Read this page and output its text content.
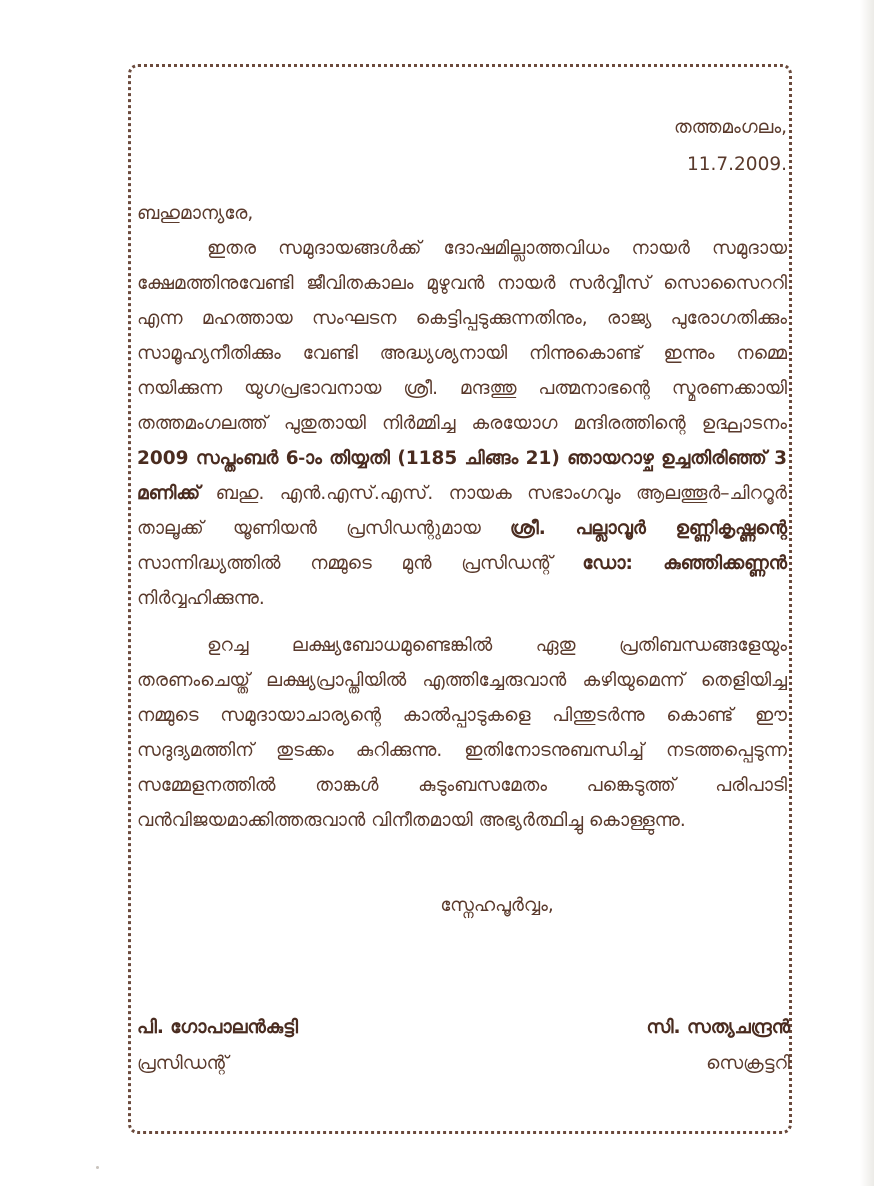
തത്തമംഗലം,
11.7.2009.
ബഹുമാന്യരേ,

ഇതര സമുദായങ്ങൾക്ക് ദോഷമില്ലാത്തവിധം നായർ സമുദായ ക്ഷേമത്തിനുവേണ്ടി ജീവിതകാലം മുഴുവൻ നായർ സർവ്വീസ് സൊസൈററി എന്ന മഹത്തായ സംഘടന കെട്ടിപ്പടുക്കുന്നതിനും, രാജ്യ പുരോഗതിക്കും സാമൂഹ്യനീതിക്കും വേണ്ടി അദ്ധ്യശ്യനായി നിന്നുകൊണ്ട് ഇന്നും നമ്മെ നയിക്കുന്ന യുഗപ്രഭാവനായ ശ്രീ. മന്ദത്തു പത്മനാഭന്റെ സ്മരണക്കായി തത്തമംഗലത്ത് പുതുതായി നിർമ്മിച്ച കരയോഗ മന്ദിരത്തിന്റെ ഉദ്ഘാടനം 2009 സപ്തംബർ 6-ാം തിയ്യതി (1185 ചിങ്ങം 21) ഞായറാഴ്ച ഉച്ചതിരിഞ്ഞ് 3 മണിക്ക് ബഹു. എൻ.എസ്.എസ്. നായക സഭാംഗവും ആലത്തൂർ–ചിററൂർ താലൂക്ക് യൂണിയൻ പ്രസിഡന്റുമായ ശ്രീ. പല്ലാവൂർ ഉണ്ണികൃഷ്ണന്റെ സാന്നിദ്ധ്യത്തിൽ നമ്മുടെ മുൻ പ്രസിഡന്റ് ഡോ: കുഞ്ഞിക്കണ്ണൻ നിർവ്വഹിക്കുന്നു.

ഉറച്ച ലക്ഷ്യബോധമുണ്ടെങ്കിൽ ഏതു പ്രതിബന്ധങ്ങളേയും തരണംചെയ്ത് ലക്ഷ്യപ്രാപ്തിയിൽ എത്തിച്ചേരുവാൻ കഴിയുമെന്ന് തെളിയിച്ച നമ്മുടെ സമുദായാചാര്യന്റെ കാൽപ്പാടുകളെ പിന്തുടർന്നു കൊണ്ട് ഈ സദുദ്യമത്തിന് തുടക്കം കുറിക്കുന്നു. ഇതിനോടനുബന്ധിച്ച് നടത്തപ്പെടുന്ന സമ്മേളനത്തിൽ താങ്കൾ കുടുംബസമേതം പങ്കെടുത്ത് പരിപാടി വൻവിജയമാക്കിത്തരുവാൻ വിനീതമായി അഭ്യർത്ഥിച്ചു കൊള്ളുന്നു.

സ്നേഹപൂർവ്വം,
പി. ഗോപാലൻകുട്ടി	സി. സത്യചന്ദ്രൻ
പ്രസിഡന്റ്	സെക്രട്ടറി
